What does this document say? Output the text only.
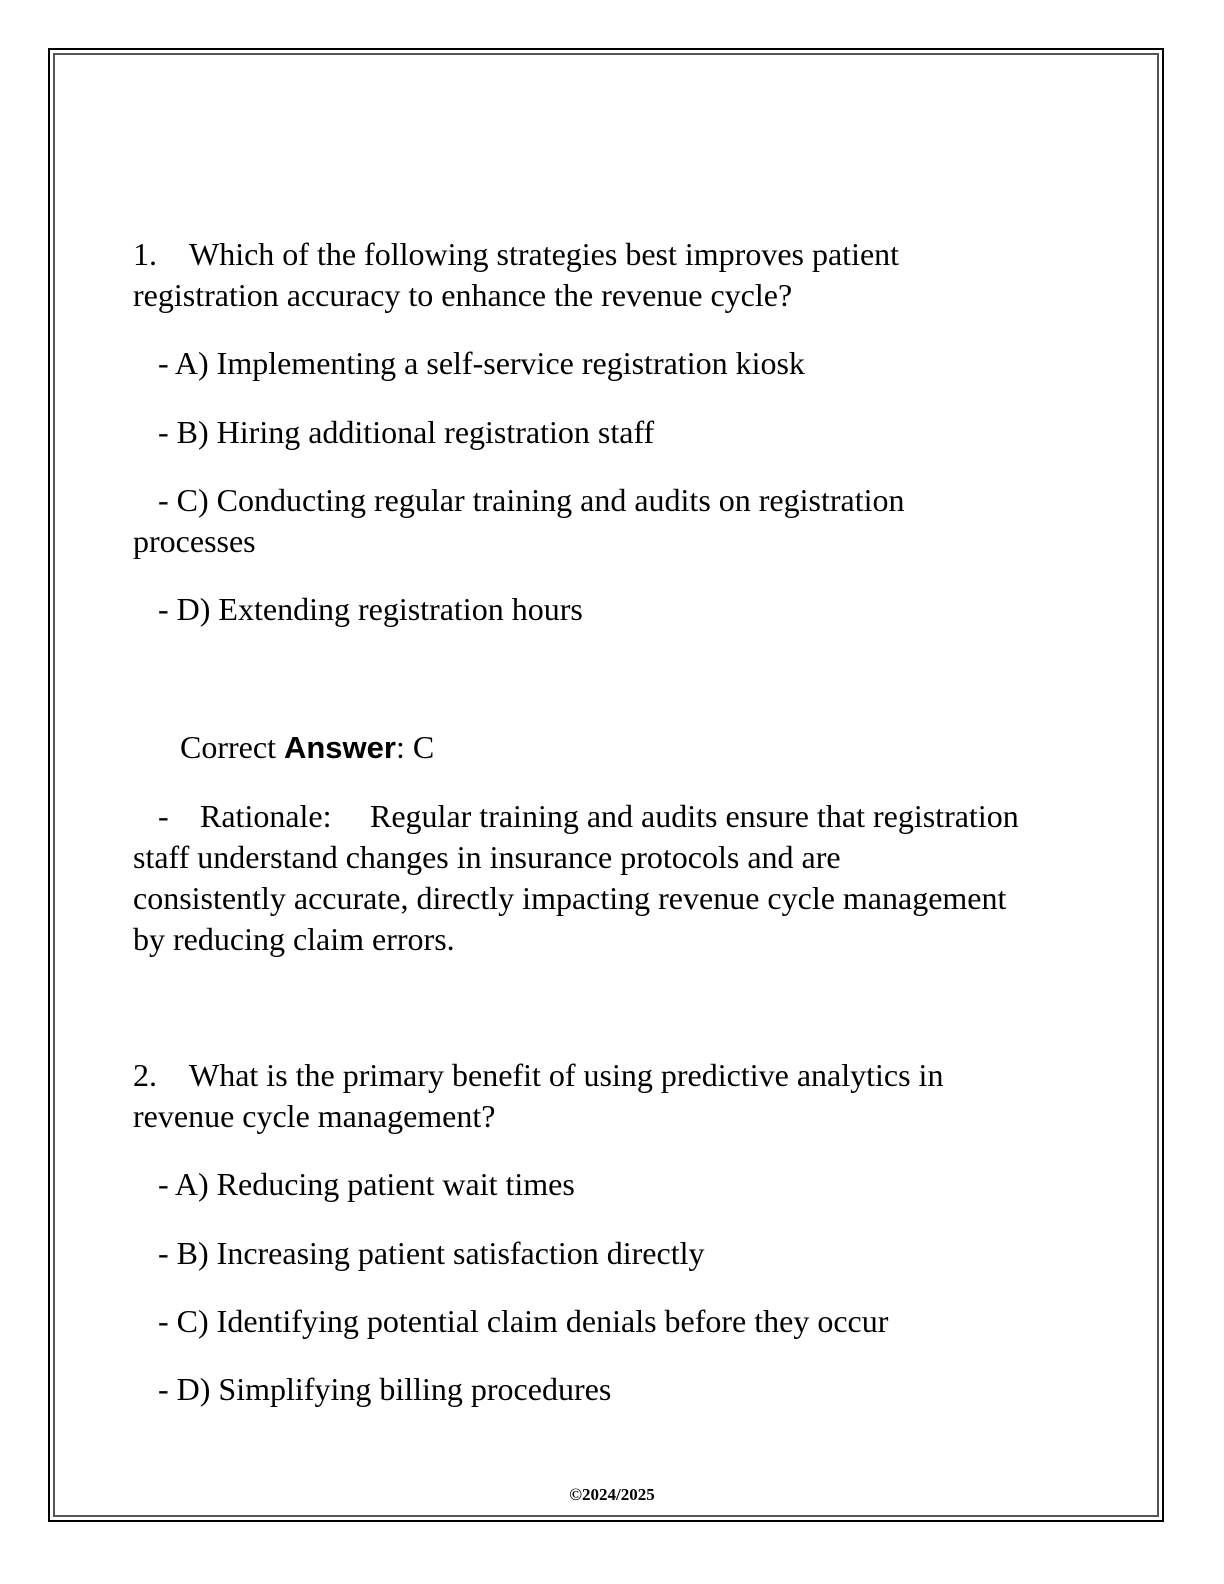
1. Which of the following strategies best improves patient
registration accuracy to enhance the revenue cycle?
- A) Implementing a self-service registration kiosk
- B) Hiring additional registration staff
- C) Conducting regular training and audits on registration
processes
- D) Extending registration hours
Correct Answer: C
- Rationale: Regular training and audits ensure that registration
staff understand changes in insurance protocols and are
consistently accurate, directly impacting revenue cycle management
by reducing claim errors.
2. What is the primary benefit of using predictive analytics in
revenue cycle management?
- A) Reducing patient wait times
- B) Increasing patient satisfaction directly
- C) Identifying potential claim denials before they occur
- D) Simplifying billing procedures
©2024/2025
